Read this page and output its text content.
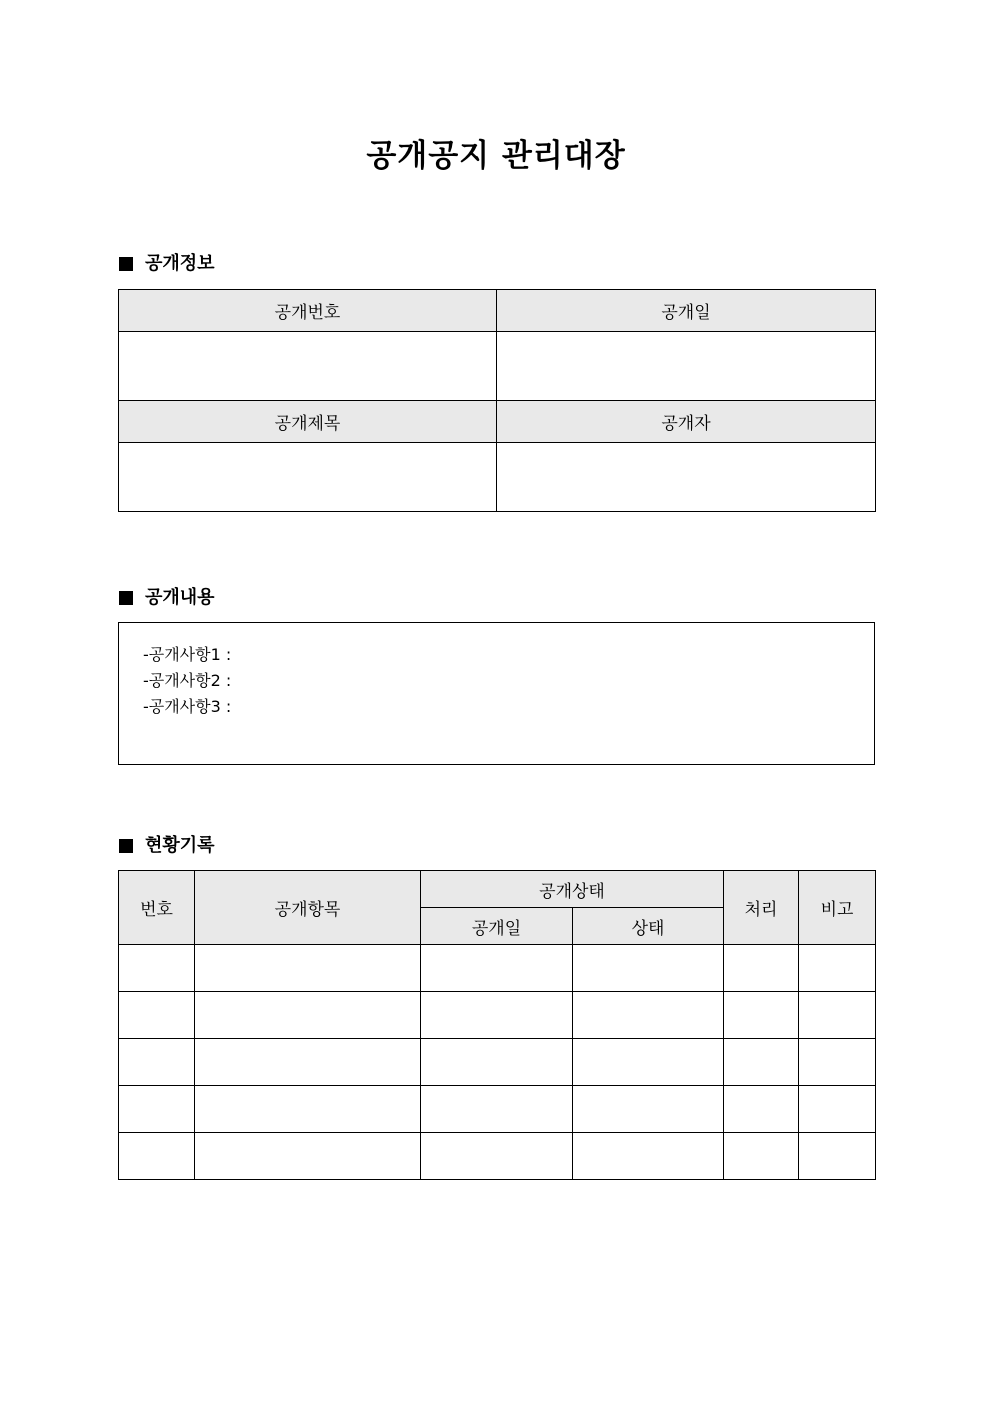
공개공지 관리대장
공개정보
공개번호	공개일

공개제목	공개자

공개내용
-공개사항1 :
-공개사항2 :
-공개사항3 :
현황기록
번호	공개항목	공개상태		처리	비고
		공개일	상태		
